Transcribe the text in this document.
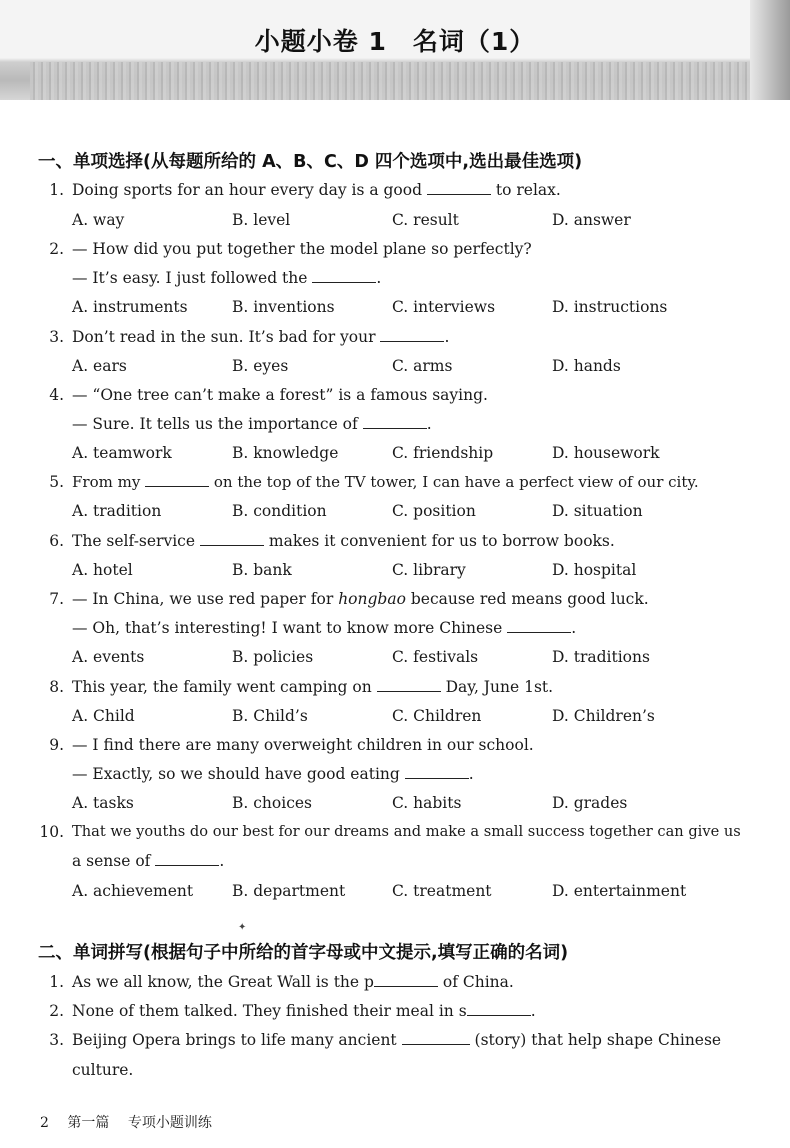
小题小卷 1　名词（1）
一、单项选择(从每题所给的 A、B、C、D 四个选项中,选出最佳选项)
1. Doing sports for an hour every day is a good	to relax.
A. way	B. level	C. result	D. answer
2. — How did you put together the model plane so perfectly?
— It’s easy. I just followed the	.
A. instruments	B. inventions	C. interviews	D. instructions
3. Don’t read in the sun. It’s bad for your	.
A. ears	B. eyes	C. arms	D. hands
4. — “One tree can’t make a forest” is a famous saying.
— Sure. It tells us the importance of	.
A. teamwork	B. knowledge	C. friendship	D. housework
5. From my	on the top of the TV tower, I can have a perfect view of our city.
A. tradition	B. condition	C. position	D. situation
6. The self-service	makes it convenient for us to borrow books.
A. hotel	B. bank	C. library	D. hospital
7. — In China, we use red paper for hongbao because red means good luck.
— Oh, that’s interesting! I want to know more Chinese	.
A. events	B. policies	C. festivals	D. traditions
8. This year, the family went camping on	Day, June 1st.
A. Child	B. Child’s	C. Children	D. Children’s
9. — I find there are many overweight children in our school.
— Exactly, so we should have good eating	.
A. tasks	B. choices	C. habits	D. grades
10. That we youths do our best for our dreams and make a small success together can give us
a sense of	.
A. achievement	B. department	C. treatment	D. entertainment
✦
二、单词拼写(根据句子中所给的首字母或中文提示,填写正确的名词)
1. As we all know, the Great Wall is the p	of China.
2. None of them talked. They finished their meal in s	.
3. Beijing Opera brings to life many ancient	(story) that help shape Chinese
culture.
2 第一篇 专项小题训练
